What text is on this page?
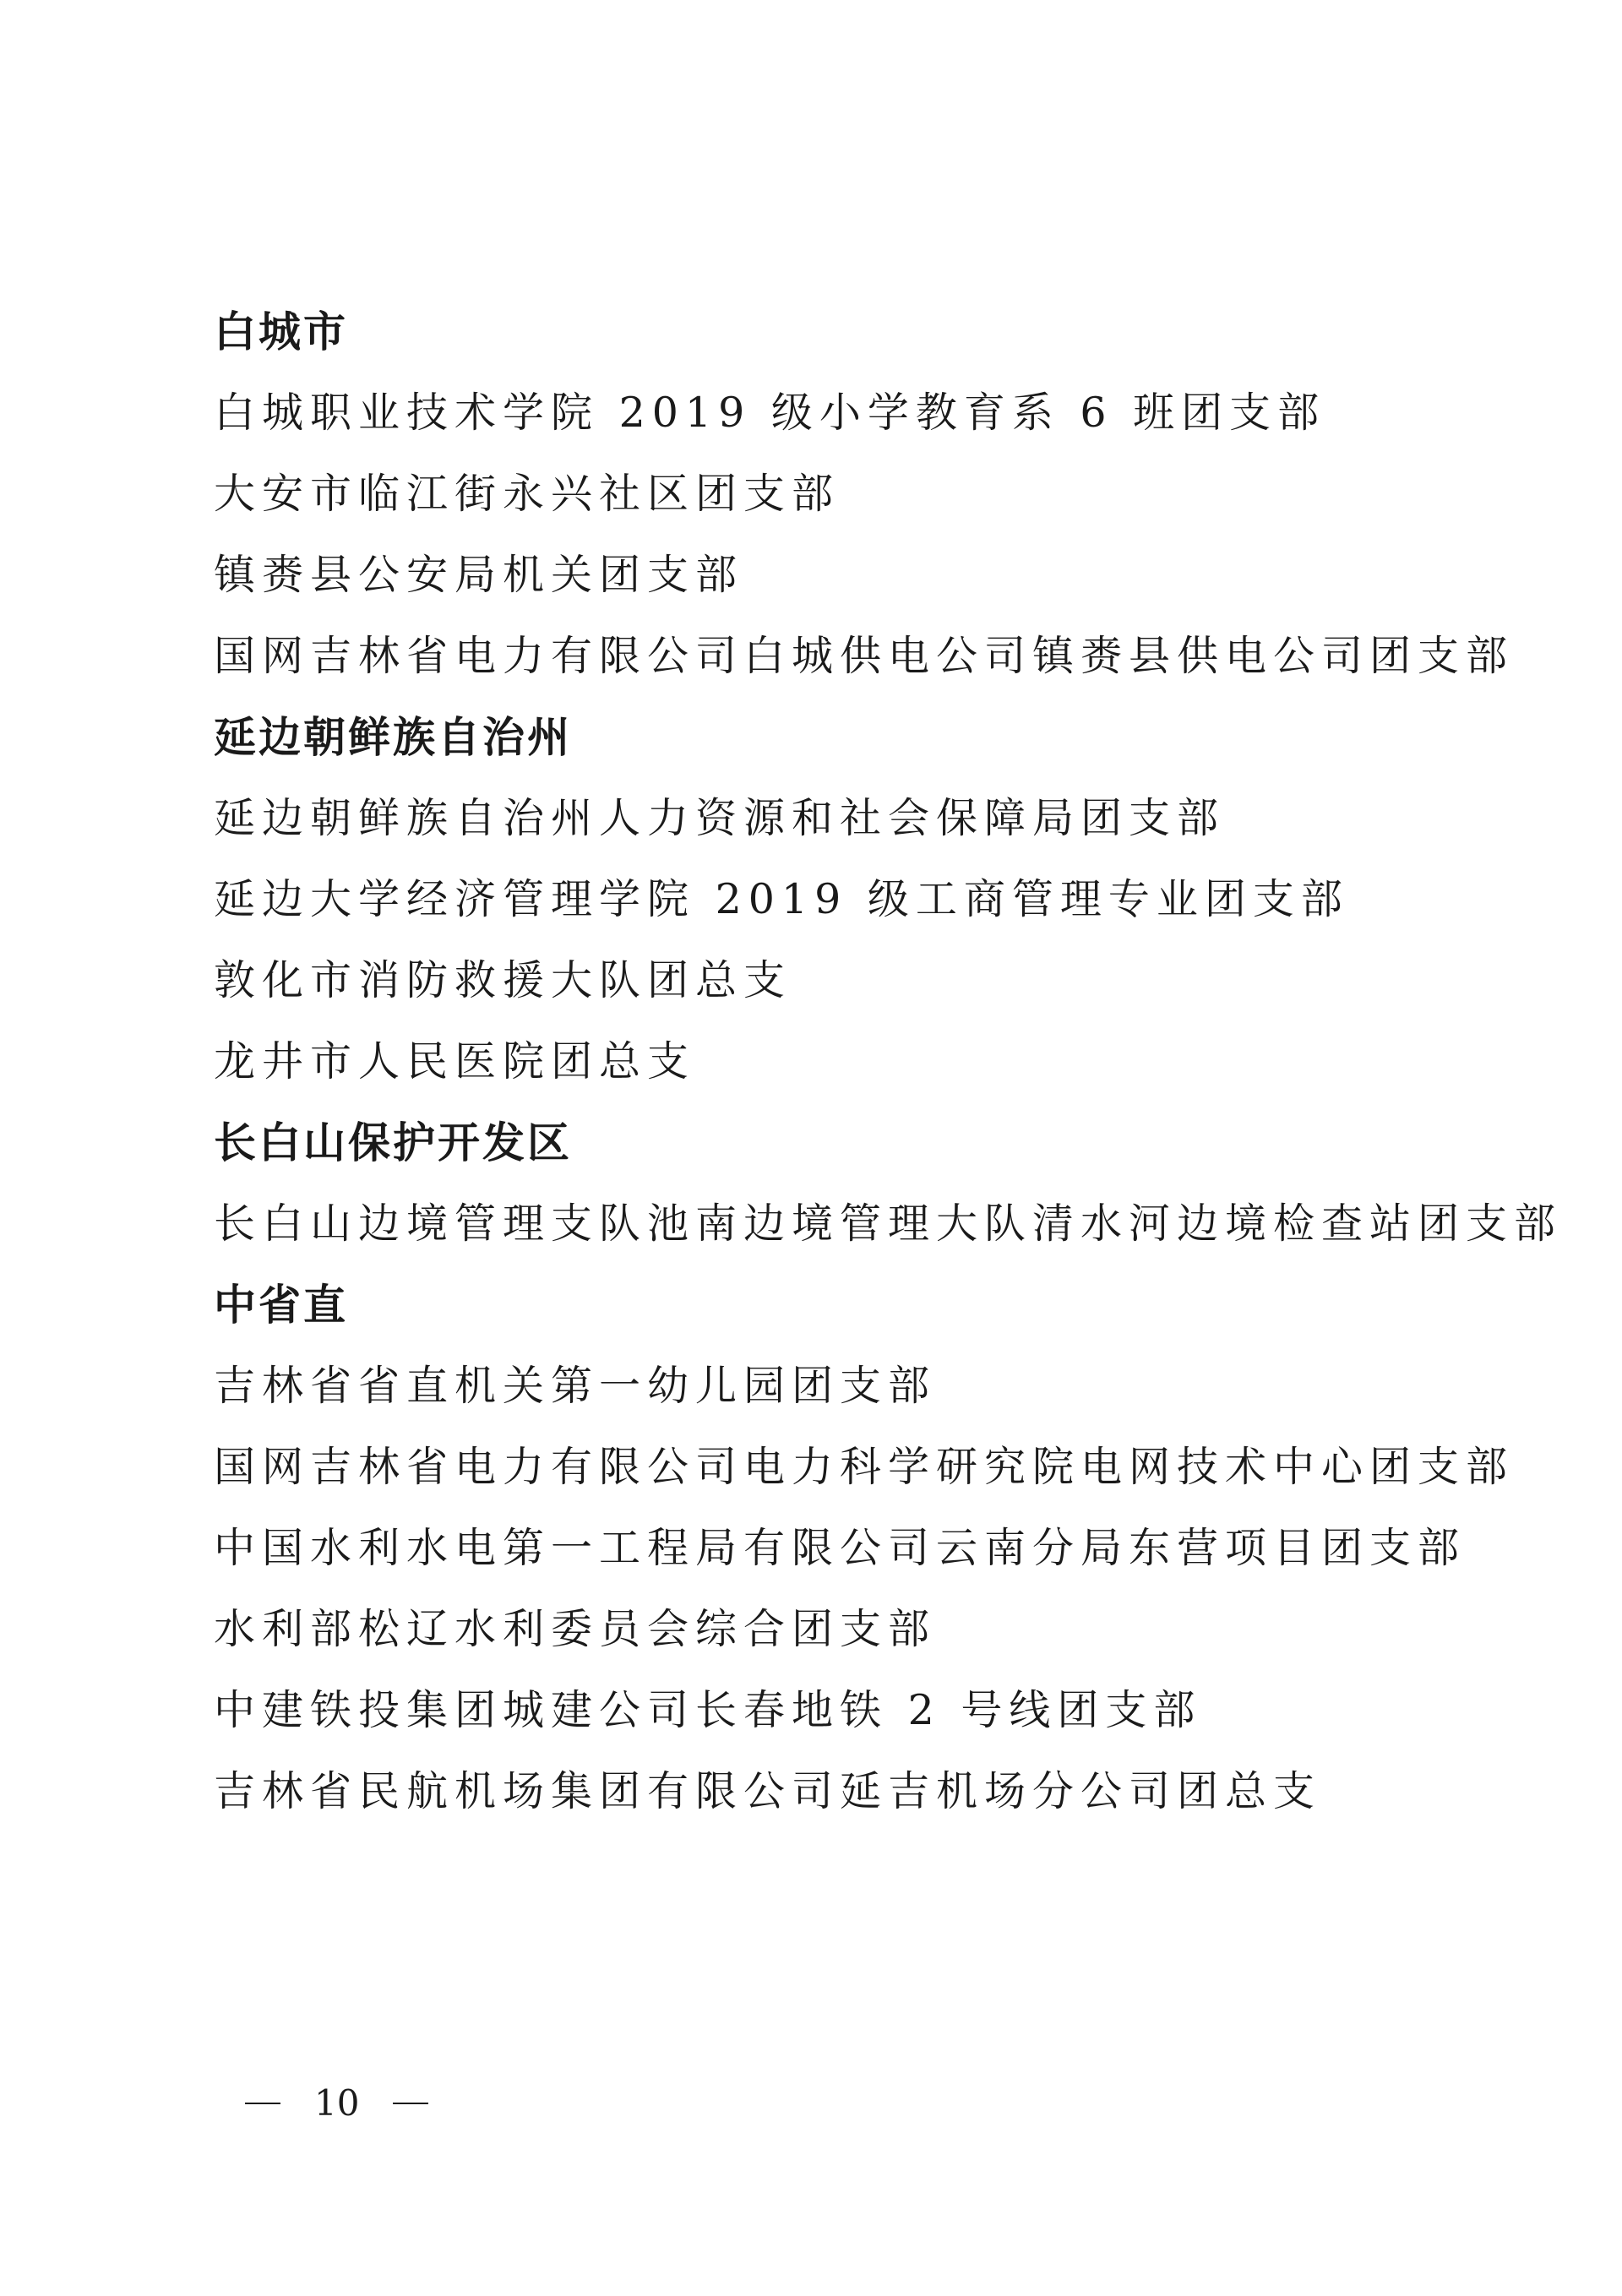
白城市
白城职业技术学院 2019 级小学教育系 6 班团支部
大安市临江街永兴社区团支部
镇赉县公安局机关团支部
国网吉林省电力有限公司白城供电公司镇赉县供电公司团支部
延边朝鲜族自治州
延边朝鲜族自治州人力资源和社会保障局团支部
延边大学经济管理学院 2019 级工商管理专业团支部
敦化市消防救援大队团总支
龙井市人民医院团总支
长白山保护开发区
长白山边境管理支队池南边境管理大队清水河边境检查站团支部
中省直
吉林省省直机关第一幼儿园团支部
国网吉林省电力有限公司电力科学研究院电网技术中心团支部
中国水利水电第一工程局有限公司云南分局东营项目团支部
水利部松辽水利委员会综合团支部
中建铁投集团城建公司长春地铁 2 号线团支部
吉林省民航机场集团有限公司延吉机场分公司团总支
10
